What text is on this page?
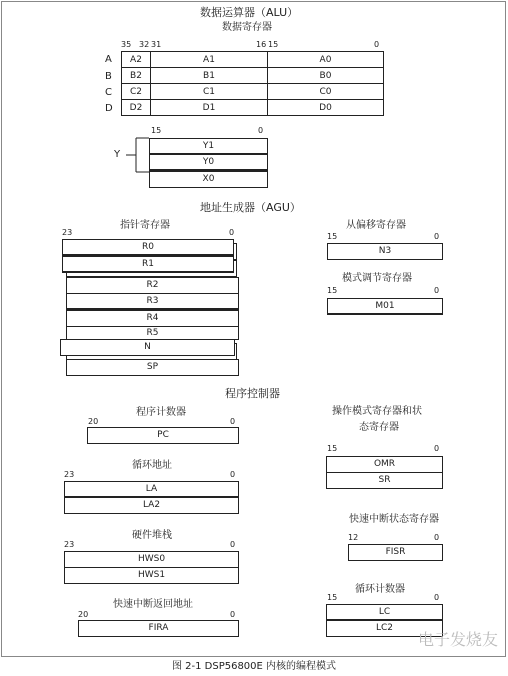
数据运算器（ALU）
数据寄存器
35 32 31	16 15	0
A	A2	A1	A0
B	B2	B1	B0
C	C2	C1	C0
D	D2	D1	D0
15	0
Y
Y1
Y0
X0
地址生成器（AGU）
指针寄存器
23	0
R0
R1
R2
R3
R4
R5
N
SP
从偏移寄存器
15	0
N3
模式调节寄存器
15	0
M01
程序控制器
程序计数器
20	0
PC
循环地址
23	0
LA
LA2
硬件堆栈
23	0
HWS0
HWS1
快速中断返回地址
20	0
FIRA
操作模式寄存器和状
态寄存器
15	0
OMR
SR
快速中断状态寄存器
12	0
FISR
循环计数器
15	0
LC
LC2
电子发烧友
图 2-1 DSP56800E 内核的编程模式
